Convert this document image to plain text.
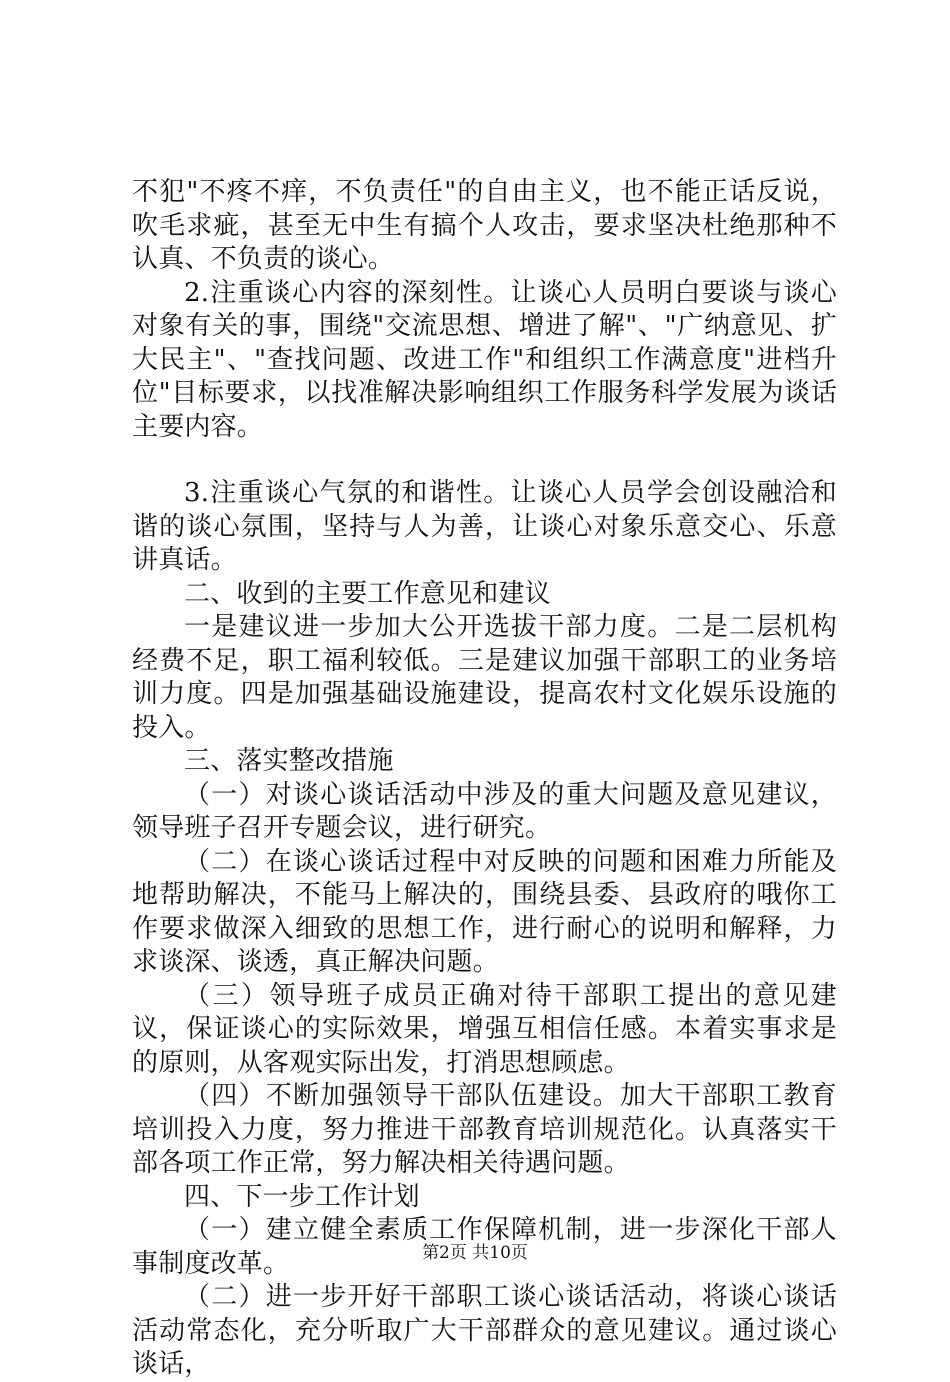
不犯"不疼不痒，不负责任"的自由主义，也不能正话反说，吹毛求疵，甚至无中生有搞个人攻击，要求坚决杜绝那种不认真、不负责的谈心。

2.注重谈心内容的深刻性。让谈心人员明白要谈与谈心对象有关的事，围绕"交流思想、增进了解"、"广纳意见、扩大民主"、"查找问题、改进工作"和组织工作满意度"进档升位"目标要求，以找准解决影响组织工作服务科学发展为谈话主要内容。

3.注重谈心气氛的和谐性。让谈心人员学会创设融洽和谐的谈心氛围，坚持与人为善，让谈心对象乐意交心、乐意讲真话。

二、收到的主要工作意见和建议

一是建议进一步加大公开选拔干部力度。二是二层机构经费不足，职工福利较低。三是建议加强干部职工的业务培训力度。四是加强基础设施建设，提高农村文化娱乐设施的投入。

三、落实整改措施

（一）对谈心谈话活动中涉及的重大问题及意见建议，领导班子召开专题会议，进行研究。

（二）在谈心谈话过程中对反映的问题和困难力所能及地帮助解决，不能马上解决的，围绕县委、县政府的哦你工作要求做深入细致的思想工作，进行耐心的说明和解释，力求谈深、谈透，真正解决问题。

（三）领导班子成员正确对待干部职工提出的意见建议，保证谈心的实际效果，增强互相信任感。本着实事求是的原则，从客观实际出发，打消思想顾虑。

（四）不断加强领导干部队伍建设。加大干部职工教育培训投入力度，努力推进干部教育培训规范化。认真落实干部各项工作正常，努力解决相关待遇问题。

四、下一步工作计划

（一）建立健全素质工作保障机制，进一步深化干部人事制度改革。

（二）进一步开好干部职工谈心谈话活动，将谈心谈话活动常态化，充分听取广大干部群众的意见建议。通过谈心谈话，

第2页 共10页
